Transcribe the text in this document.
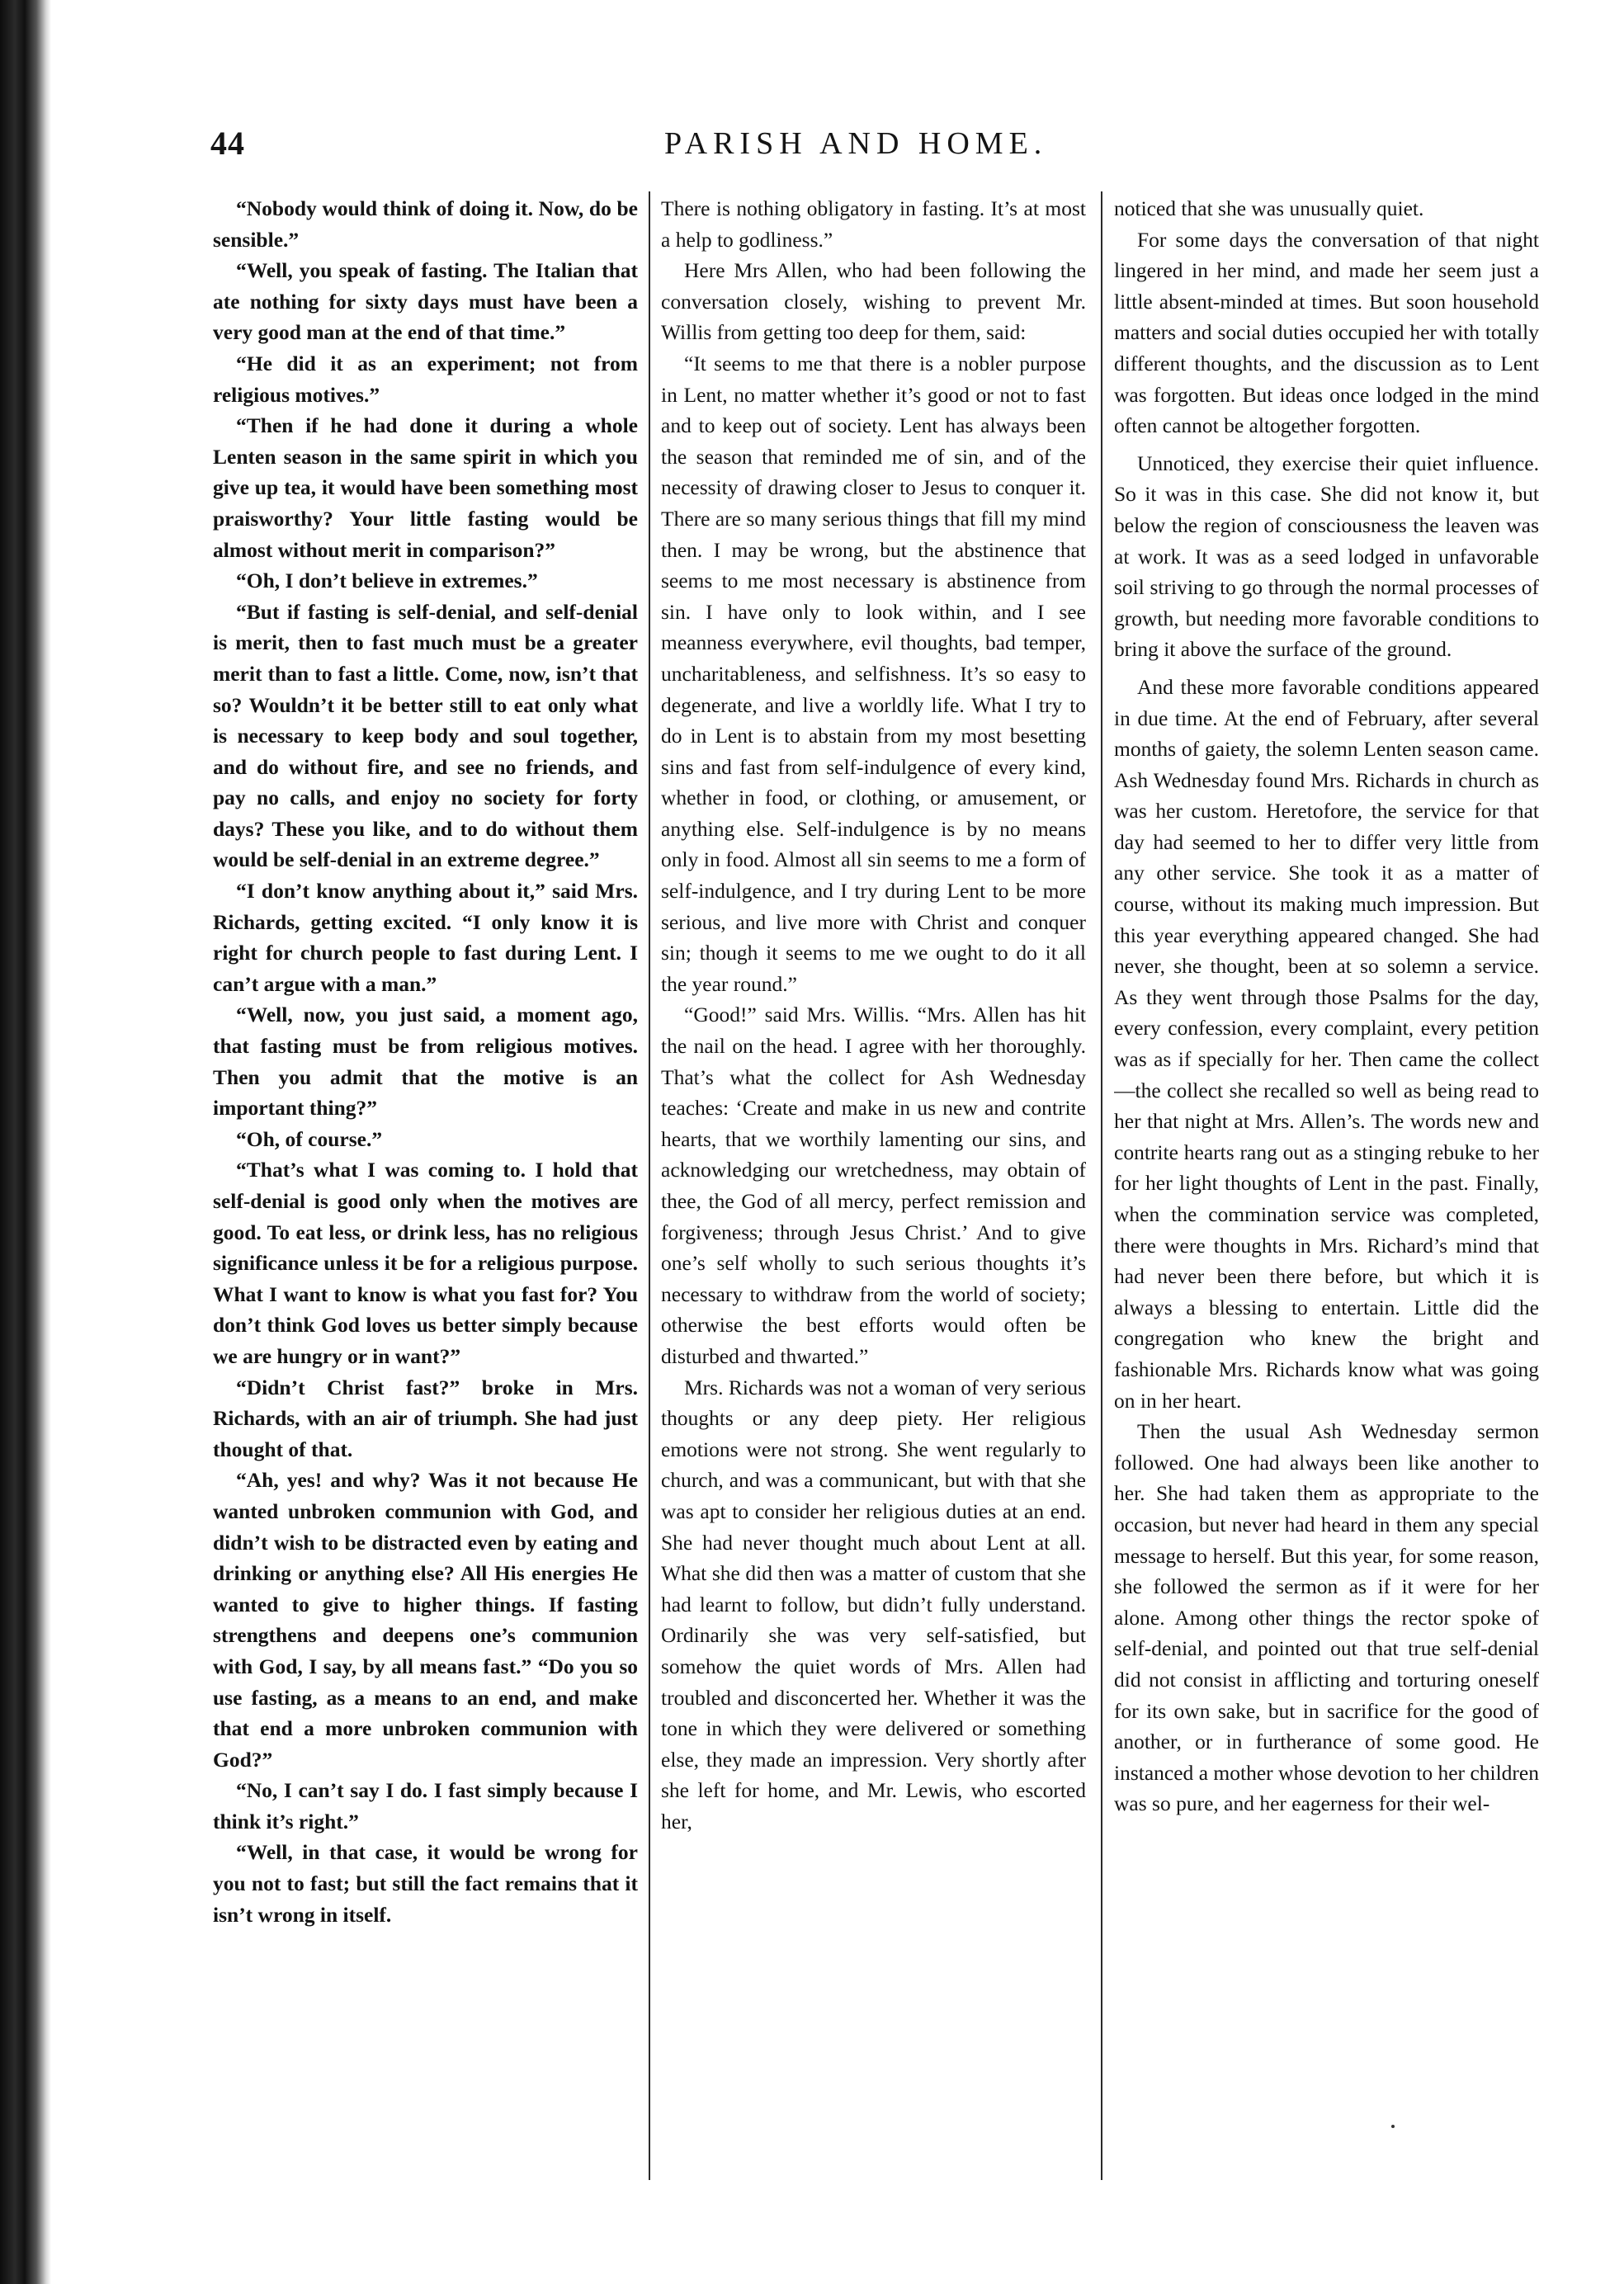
44	PARISH AND HOME.

“Nobody would think of doing it. Now, do be sensible.”

“Well, you speak of fasting. The Italian that ate nothing for sixty days must have been a very good man at the end of that time.”

“He did it as an experiment; not from religious motives.”

“Then if he had done it during a whole Lenten season in the same spirit in which you give up tea, it would have been something most praisworthy? Your little fasting would be almost without merit in comparison?”

“Oh, I don’t believe in extremes.”

“But if fasting is self-denial, and self-denial is merit, then to fast much must be a greater merit than to fast a little. Come, now, isn’t that so? Wouldn’t it be better still to eat only what is necessary to keep body and soul together, and do without fire, and see no friends, and pay no calls, and enjoy no society for forty days? These you like, and to do without them would be self-denial in an extreme degree.”

“I don’t know anything about it,” said Mrs. Richards, getting excited. “I only know it is right for church people to fast during Lent. I can’t argue with a man.”

“Well, now, you just said, a moment ago, that fasting must be from religious motives. Then you admit that the motive is an important thing?”

“Oh, of course.”

“That’s what I was coming to. I hold that self-denial is good only when the motives are good. To eat less, or drink less, has no religious significance unless it be for a religious purpose. What I want to know is what you fast for? You don’t think God loves us better simply because we are hungry or in want?”

“Didn’t Christ fast?” broke in Mrs. Richards, with an air of triumph. She had just thought of that.

“Ah, yes! and why? Was it not because He wanted unbroken communion with God, and didn’t wish to be distracted even by eating and drinking or anything else? All His energies He wanted to give to higher things. If fasting strengthens and deepens one’s communion with God, I say, by all means fast.” “Do you so use fasting, as a means to an end, and make that end a more unbroken communion with God?”

“No, I can’t say I do. I fast simply because I think it’s right.”

“Well, in that case, it would be wrong for you not to fast; but still the fact remains that it isn’t wrong in itself.

There is nothing obligatory in fasting. It’s at most a help to godliness.”

Here Mrs Allen, who had been following the conversation closely, wishing to prevent Mr. Willis from getting too deep for them, said:

“It seems to me that there is a nobler purpose in Lent, no matter whether it’s good or not to fast and to keep out of society. Lent has always been the season that reminded me of sin, and of the necessity of drawing closer to Jesus to conquer it. There are so many serious things that fill my mind then. I may be wrong, but the abstinence that seems to me most necessary is abstinence from sin. I have only to look within, and I see meanness everywhere, evil thoughts, bad temper, uncharitableness, and selfishness. It’s so easy to degenerate, and live a worldly life. What I try to do in Lent is to abstain from my most besetting sins and fast from self-indulgence of every kind, whether in food, or clothing, or amusement, or anything else. Self-indulgence is by no means only in food. Almost all sin seems to me a form of self-indulgence, and I try during Lent to be more serious, and live more with Christ and conquer sin; though it seems to me we ought to do it all the year round.”

“Good!” said Mrs. Willis. “Mrs. Allen has hit the nail on the head. I agree with her thoroughly. That’s what the collect for Ash Wednesday teaches: ‘Create and make in us new and contrite hearts, that we worthily lamenting our sins, and acknowledging our wretchedness, may obtain of thee, the God of all mercy, perfect remission and forgiveness; through Jesus Christ.’ And to give one’s self wholly to such serious thoughts it’s necessary to withdraw from the world of society; otherwise the best efforts would often be disturbed and thwarted.”

Mrs. Richards was not a woman of very serious thoughts or any deep piety. Her religious emotions were not strong. She went regularly to church, and was a communicant, but with that she was apt to consider her religious duties at an end. She had never thought much about Lent at all. What she did then was a matter of custom that she had learnt to follow, but didn’t fully understand. Ordinarily she was very self-satisfied, but somehow the quiet words of Mrs. Allen had troubled and disconcerted her. Whether it was the tone in which they were delivered or something else, they made an impression. Very shortly after she left for home, and Mr. Lewis, who escorted her,

noticed that she was unusually quiet.

For some days the conversation of that night lingered in her mind, and made her seem just a little absent-minded at times. But soon household matters and social duties occupied her with totally different thoughts, and the discussion as to Lent was forgotten. But ideas once lodged in the mind often cannot be altogether forgotten.

Unnoticed, they exercise their quiet influence. So it was in this case. She did not know it, but below the region of consciousness the leaven was at work. It was as a seed lodged in unfavorable soil striving to go through the normal processes of growth, but needing more favorable conditions to bring it above the surface of the ground.

And these more favorable conditions appeared in due time. At the end of February, after several months of gaiety, the solemn Lenten season came. Ash Wednesday found Mrs. Richards in church as was her custom. Heretofore, the service for that day had seemed to her to differ very little from any other service. She took it as a matter of course, without its making much impression. But this year everything appeared changed. She had never, she thought, been at so solemn a service. As they went through those Psalms for the day, every confession, every complaint, every petition was as if specially for her. Then came the collect—the collect she recalled so well as being read to her that night at Mrs. Allen’s. The words new and contrite hearts rang out as a stinging rebuke to her for her light thoughts of Lent in the past. Finally, when the commination service was completed, there were thoughts in Mrs. Richard’s mind that had never been there before, but which it is always a blessing to entertain. Little did the congregation who knew the bright and fashionable Mrs. Richards know what was going on in her heart.

Then the usual Ash Wednesday sermon followed. One had always been like another to her. She had taken them as appropriate to the occasion, but never had heard in them any special message to herself. But this year, for some reason, she followed the sermon as if it were for her alone. Among other things the rector spoke of self-denial, and pointed out that true self-denial did not consist in afflicting and torturing oneself for its own sake, but in sacrifice for the good of another, or in furtherance of some good. He instanced a mother whose devotion to her children was so pure, and her eagerness for their wel-
